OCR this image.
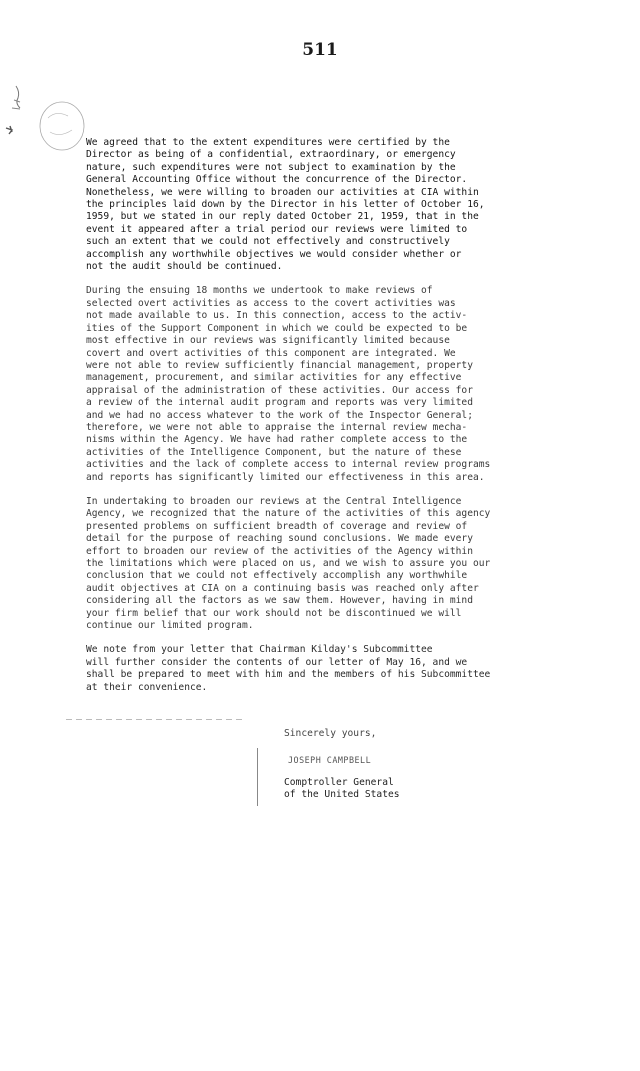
511

We agreed that to the extent expenditures were certified by the
Director as being of a confidential, extraordinary, or emergency
nature, such expenditures were not subject to examination by the
General Accounting Office without the concurrence of the Director.
Nonetheless, we were willing to broaden our activities at CIA within
the principles laid down by the Director in his letter of October 16,
1959, but we stated in our reply dated October 21, 1959, that in the
event it appeared after a trial period our reviews were limited to
such an extent that we could not effectively and constructively
accomplish any worthwhile objectives we would consider whether or
not the audit should be continued.

During the ensuing 18 months we undertook to make reviews of
selected overt activities as access to the covert activities was
not made available to us. In this connection, access to the activ-
ities of the Support Component in which we could be expected to be
most effective in our reviews was significantly limited because
covert and overt activities of this component are integrated. We
were not able to review sufficiently financial management, property
management, procurement, and similar activities for any effective
appraisal of the administration of these activities. Our access for
a review of the internal audit program and reports was very limited
and we had no access whatever to the work of the Inspector General;
therefore, we were not able to appraise the internal review mecha-
nisms within the Agency. We have had rather complete access to the
activities of the Intelligence Component, but the nature of these
activities and the lack of complete access to internal review programs
and reports has significantly limited our effectiveness in this area.

In undertaking to broaden our reviews at the Central Intelligence
Agency, we recognized that the nature of the activities of this agency
presented problems on sufficient breadth of coverage and review of
detail for the purpose of reaching sound conclusions. We made every
effort to broaden our review of the activities of the Agency within
the limitations which were placed on us, and we wish to assure you our
conclusion that we could not effectively accomplish any worthwhile
audit objectives at CIA on a continuing basis was reached only after
considering all the factors as we saw them. However, having in mind
your firm belief that our work should not be discontinued we will
continue our limited program.

We note from your letter that Chairman Kilday's Subcommittee
will further consider the contents of our letter of May 16, and we
shall be prepared to meet with him and the members of his Subcommittee
at their convenience.

Sincerely yours,
JOSEPH CAMPBELL
Comptroller General
of the United States
